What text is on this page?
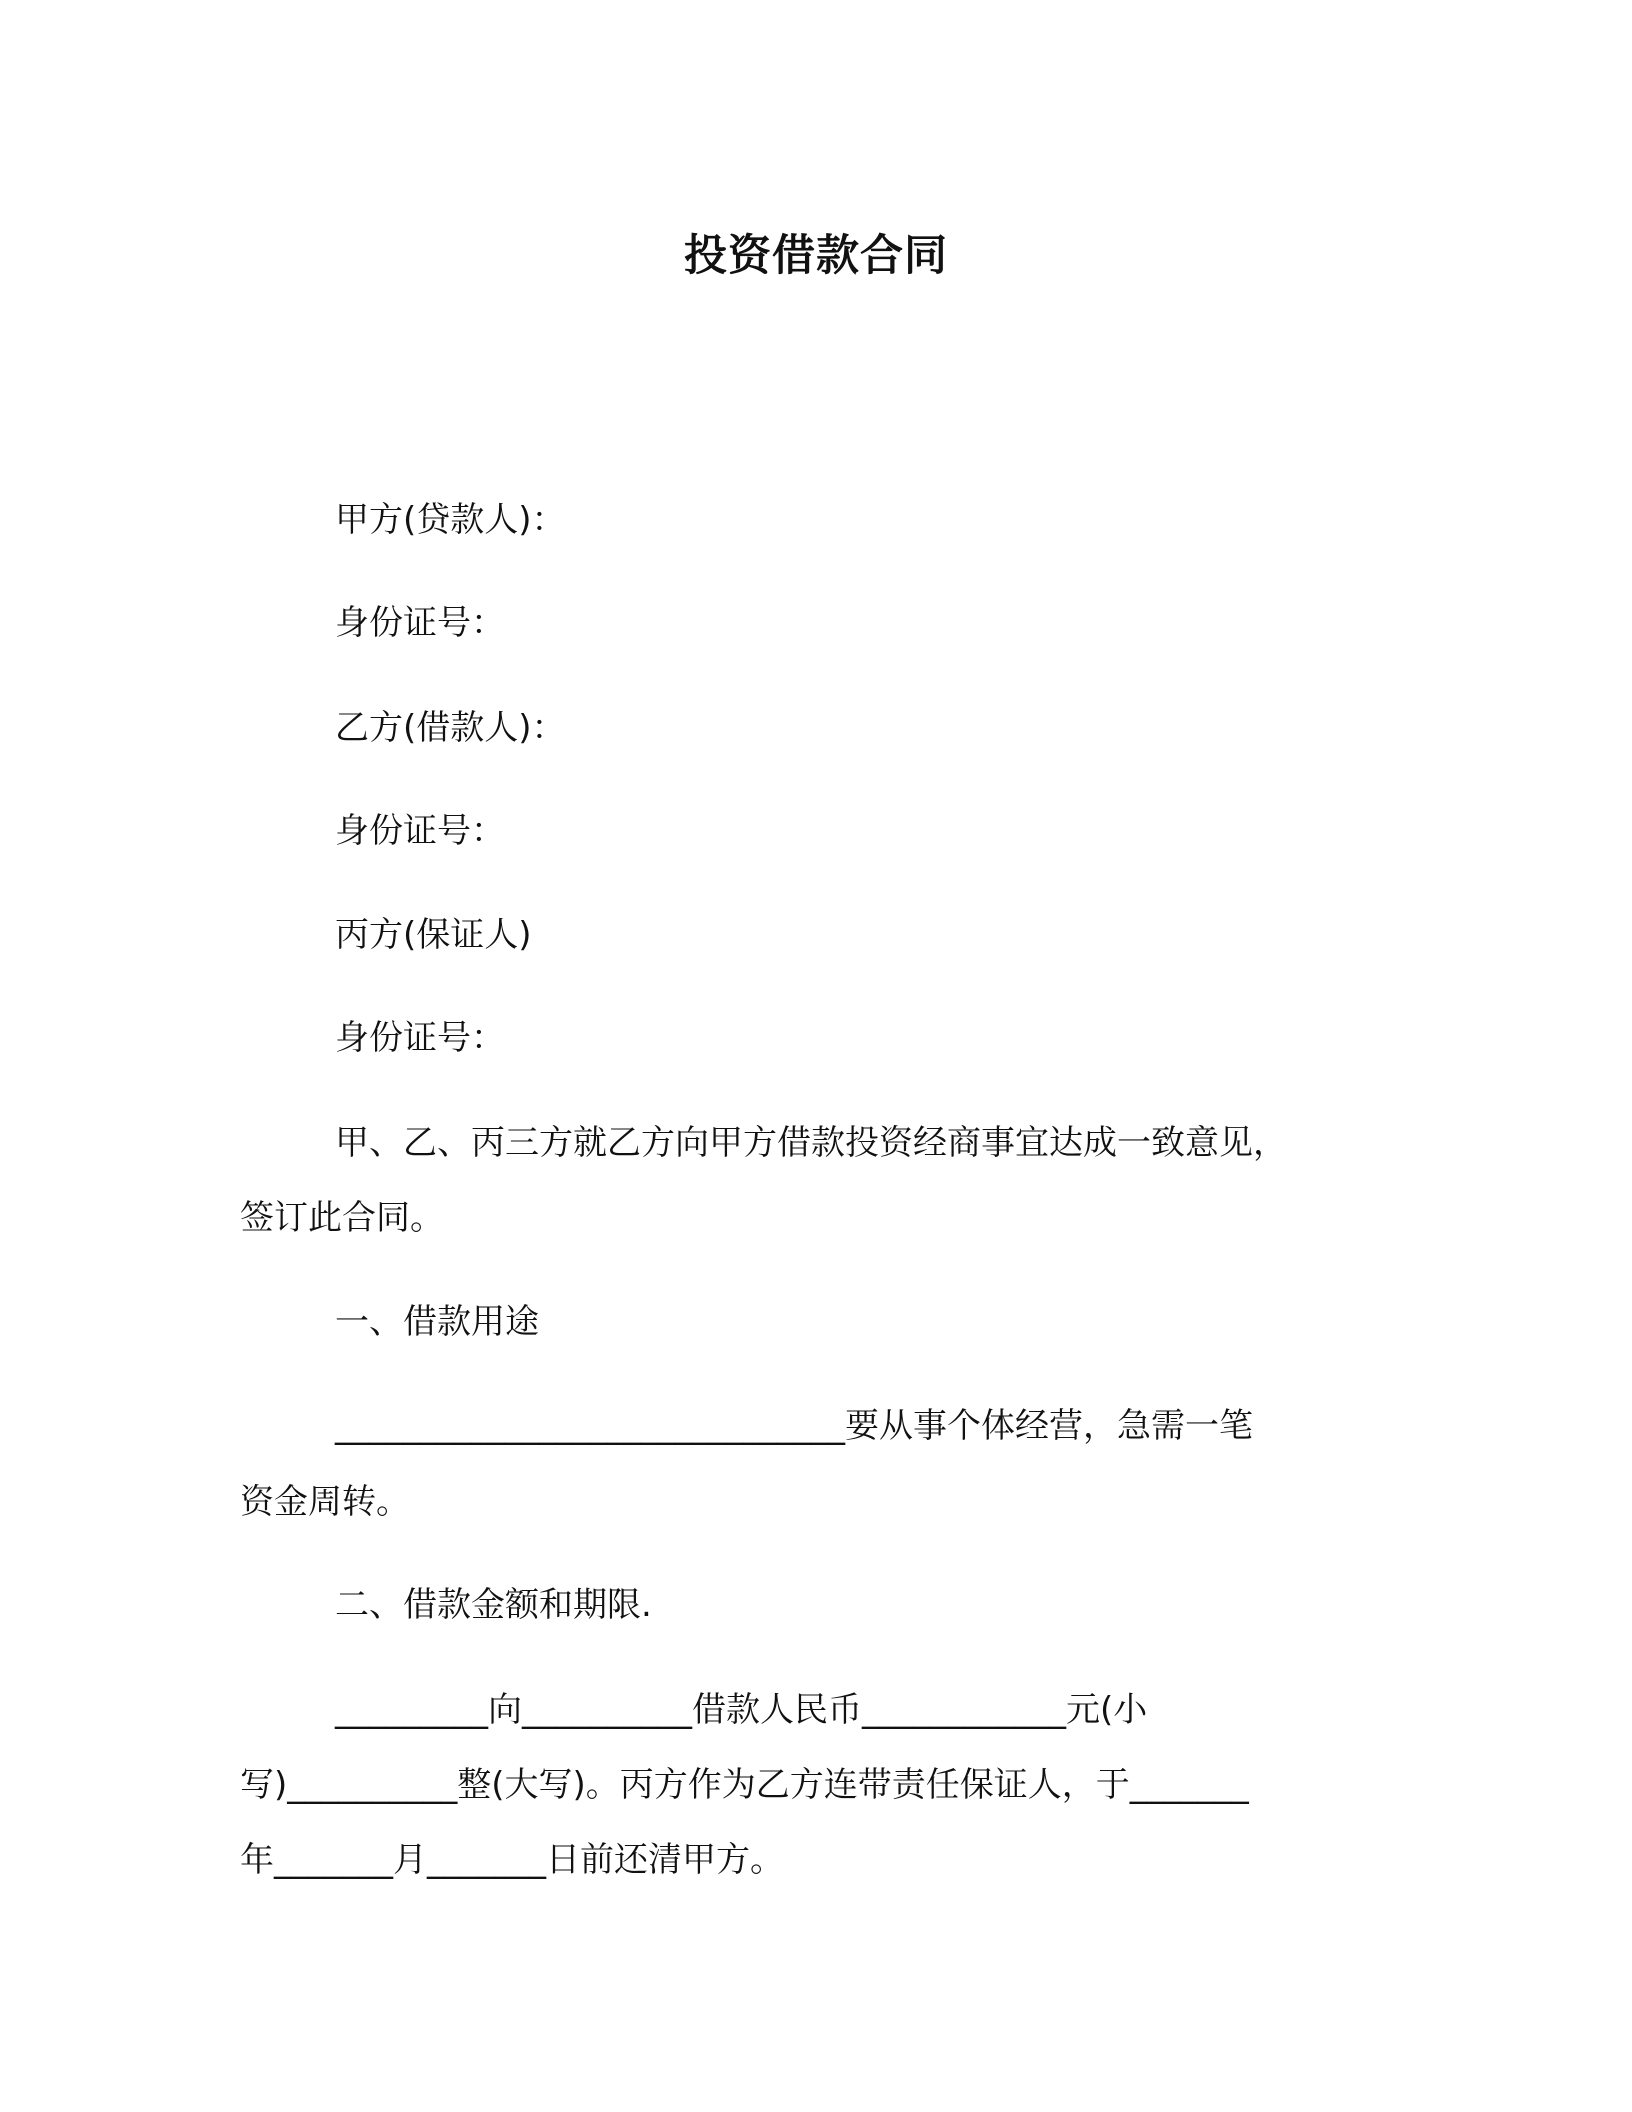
投资借款合同
甲方(贷款人)：
身份证号：
乙方(借款人)：
身份证号：
丙方(保证人)
身份证号：
甲、乙、丙三方就乙方向甲方借款投资经商事宜达成一致意见，
签订此合同。
一、借款用途
______________________________要从事个体经营，急需一笔
资金周转。
二、借款金额和期限.
_________向__________借款人民币____________元(小
写)__________整(大写)。丙方作为乙方连带责任保证人，于_______
年_______月_______日前还清甲方。
